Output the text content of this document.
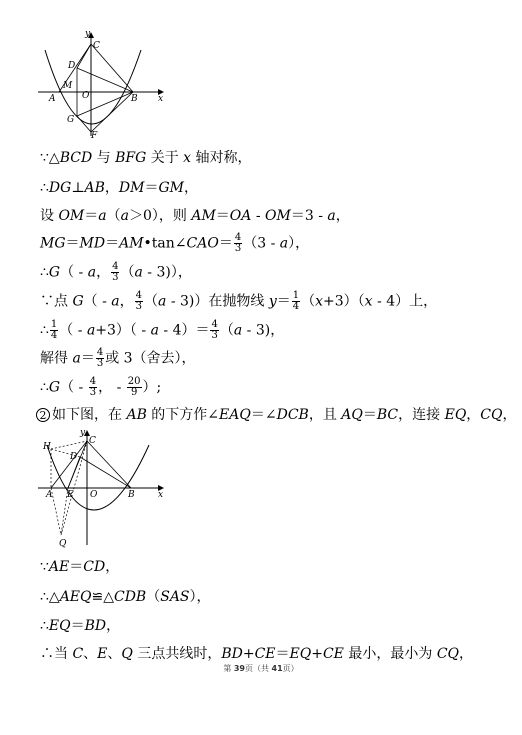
y
C
D
M
O
A	B x
G
F
∵△BCD 与 BFG 关于 x 轴对称，
∴DG⊥AB，DM＝GM，
设 OM＝a（a＞0），则 AM＝OA - OM＝3 - a，
MG＝MD＝AM•tan∠CAO＝ $\frac{4}{3} (3 - a)$，
∴G（ - a， $\frac{4}{3} (a - 3)$），
∵点 G（ - a， $\frac{4}{3} (a - 3)$）在抛物线 $y= \frac{1}{4} (x+3)(x - 4)$上，
∴ $\frac{1}{4}$ （ - $a+3)( - a - 4)= \frac{4}{3} (a - 3)$，
解得 $a= \frac{4}{3}$ 或 3（舍去），
∴G（ - $\frac{4}{3}$ ， - $\frac{20}{9}$ ）;
2 如下图，在 AB 的下方作∠EAQ＝∠DCB，且 AQ＝BC，连接 EQ，CQ，
y
C
H
D
A E O	B	x
Q
∵AE＝CD，
∴△AEQ≌△CDB（SAS），
∴EQ＝BD，
∴当 C、E、Q 三点共线时，BD+CE＝EQ+CE 最小，最小为 CQ，
第 39页（共 41页）
